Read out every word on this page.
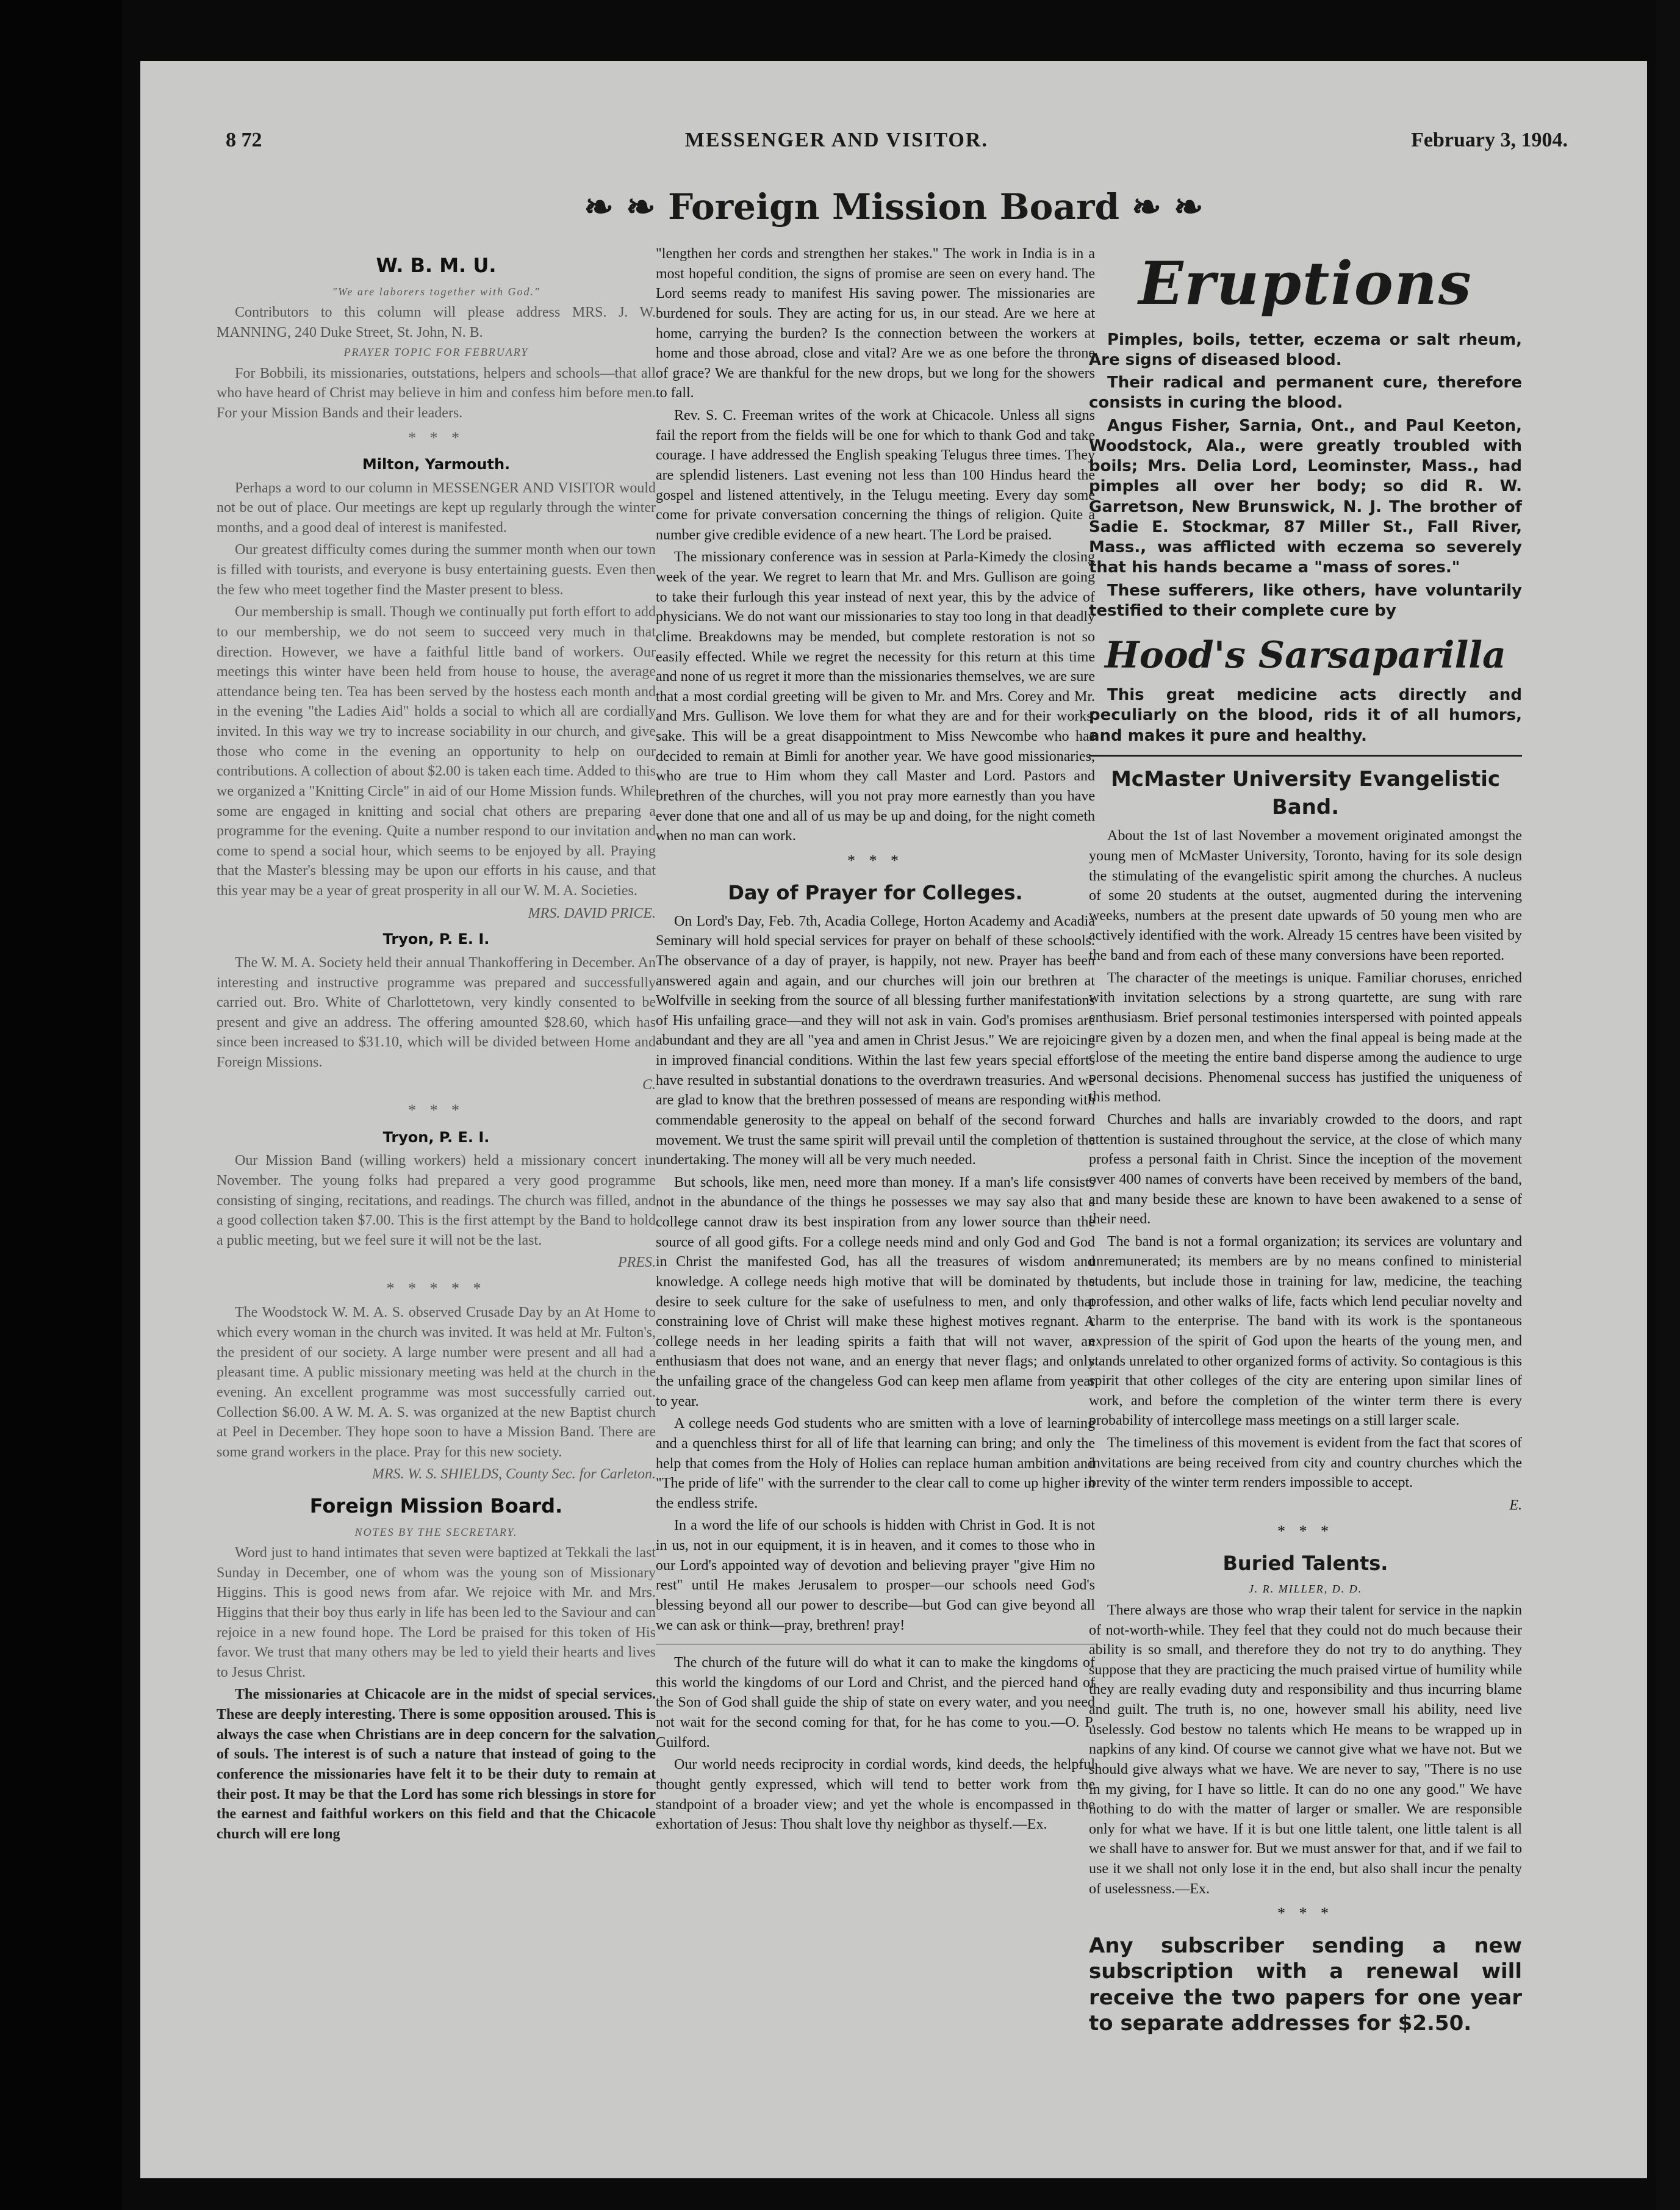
8 72	MESSENGER AND VISITOR.	February 3, 1904.
❧ ❧ Foreign Mission Board ❧ ❧
W. B. M. U.
"We are laborers together with God."

Contributors to this column will please address MRS. J. W. MANNING, 240 Duke Street, St. John, N. B.

PRAYER TOPIC FOR FEBRUARY

For Bobbili, its missionaries, outstations, helpers and schools—that all who have heard of Christ may believe in him and confess him before men. For your Mission Bands and their leaders.

* * *
Milton, Yarmouth.

Perhaps a word to our column in MESSENGER AND VISITOR would not be out of place. Our meetings are kept up regularly through the winter months, and a good deal of interest is manifested.

Our greatest difficulty comes during the summer month when our town is filled with tourists, and everyone is busy entertaining guests. Even then the few who meet together find the Master present to bless.

Our membership is small. Though we continually put forth effort to add to our membership, we do not seem to succeed very much in that direction. However, we have a faithful little band of workers. Our meetings this winter have been held from house to house, the average attendance being ten. Tea has been served by the hostess each month and in the evening "the Ladies Aid" holds a social to which all are cordially invited. In this way we try to increase sociability in our church, and give those who come in the evening an opportunity to help on our contributions. A collection of about $2.00 is taken each time. Added to this we organized a "Knitting Circle" in aid of our Home Mission funds. While some are engaged in knitting and social chat others are preparing a programme for the evening. Quite a number respond to our invitation and come to spend a social hour, which seems to be enjoyed by all. Praying that the Master's blessing may be upon our efforts in his cause, and that this year may be a year of great prosperity in all our W. M. A. Societies.

MRS. DAVID PRICE.
Tryon, P. E. I.

The W. M. A. Society held their annual Thankoffering in December. An interesting and instructive programme was prepared and successfully carried out. Bro. White of Charlottetown, very kindly consented to be present and give an address. The offering amounted $28.60, which has since been increased to $31.10, which will be divided between Home and Foreign Missions.

C.
* * *
Tryon, P. E. I.

Our Mission Band (willing workers) held a missionary concert in November. The young folks had prepared a very good programme consisting of singing, recitations, and readings. The church was filled, and a good collection taken $7.00. This is the first attempt by the Band to hold a public meeting, but we feel sure it will not be the last.

PRES.
* * * * *

The Woodstock W. M. A. S. observed Crusade Day by an At Home to which every woman in the church was invited. It was held at Mr. Fulton's, the president of our society. A large number were present and all had a pleasant time. A public missionary meeting was held at the church in the evening. An excellent programme was most successfully carried out. Collection $6.00. A W. M. A. S. was organized at the new Baptist church at Peel in December. They hope soon to have a Mission Band. There are some grand workers in the place. Pray for this new society.

MRS. W. S. SHIELDS, County Sec. for Carleton.
Foreign Mission Board.
NOTES BY THE SECRETARY.

Word just to hand intimates that seven were baptized at Tekkali the last Sunday in December, one of whom was the young son of Missionary Higgins. This is good news from afar. We rejoice with Mr. and Mrs. Higgins that their boy thus early in life has been led to the Saviour and can rejoice in a new found hope. The Lord be praised for this token of His favor. We trust that many others may be led to yield their hearts and lives to Jesus Christ.

The missionaries at Chicacole are in the midst of special services. These are deeply interesting. There is some opposition aroused. This is always the case when Christians are in deep concern for the salvation of souls. The interest is of such a nature that instead of going to the conference the missionaries have felt it to be their duty to remain at their post. It may be that the Lord has some rich blessings in store for the earnest and faithful workers on this field and that the Chicacole church will ere long

"lengthen her cords and strengthen her stakes." The work in India is in a most hopeful condition, the signs of promise are seen on every hand. The Lord seems ready to manifest His saving power. The missionaries are burdened for souls. They are acting for us, in our stead. Are we here at home, carrying the burden? Is the connection between the workers at home and those abroad, close and vital? Are we as one before the throne of grace? We are thankful for the new drops, but we long for the showers to fall.

Rev. S. C. Freeman writes of the work at Chicacole. Unless all signs fail the report from the fields will be one for which to thank God and take courage. I have addressed the English speaking Telugus three times. They are splendid listeners. Last evening not less than 100 Hindus heard the gospel and listened attentively, in the Telugu meeting. Every day some come for private conversation concerning the things of religion. Quite a number give credible evidence of a new heart. The Lord be praised.

The missionary conference was in session at Parla-Kimedy the closing week of the year. We regret to learn that Mr. and Mrs. Gullison are going to take their furlough this year instead of next year, this by the advice of physicians. We do not want our missionaries to stay too long in that deadly clime. Breakdowns may be mended, but complete restoration is not so easily effected. While we regret the necessity for this return at this time and none of us regret it more than the missionaries themselves, we are sure that a most cordial greeting will be given to Mr. and Mrs. Corey and Mr. and Mrs. Gullison. We love them for what they are and for their works' sake. This will be a great disappointment to Miss Newcombe who has decided to remain at Bimli for another year. We have good missionaries, who are true to Him whom they call Master and Lord. Pastors and brethren of the churches, will you not pray more earnestly than you have ever done that one and all of us may be up and doing, for the night cometh when no man can work.

* * *
Day of Prayer for Colleges.

On Lord's Day, Feb. 7th, Acadia College, Horton Academy and Acadia Seminary will hold special services for prayer on behalf of these schools. The observance of a day of prayer, is happily, not new. Prayer has been answered again and again, and our churches will join our brethren at Wolfville in seeking from the source of all blessing further manifestations of His unfailing grace—and they will not ask in vain. God's promises are abundant and they are all "yea and amen in Christ Jesus." We are rejoicing in improved financial conditions. Within the last few years special efforts have resulted in substantial donations to the overdrawn treasuries. And we are glad to know that the brethren possessed of means are responding with commendable generosity to the appeal on behalf of the second forward movement. We trust the same spirit will prevail until the completion of the undertaking. The money will all be very much needed.

But schools, like men, need more than money. If a man's life consists not in the abundance of the things he possesses we may say also that a college cannot draw its best inspiration from any lower source than the source of all good gifts. For a college needs mind and only God and God in Christ the manifested God, has all the treasures of wisdom and knowledge. A college needs high motive that will be dominated by the desire to seek culture for the sake of usefulness to men, and only that constraining love of Christ will make these highest motives regnant. A college needs in her leading spirits a faith that will not waver, an enthusiasm that does not wane, and an energy that never flags; and only the unfailing grace of the changeless God can keep men aflame from year to year.

A college needs God students who are smitten with a love of learning and a quenchless thirst for all of life that learning can bring; and only the help that comes from the Holy of Holies can replace human ambition and "The pride of life" with the surrender to the clear call to come up higher in the endless strife.

In a word the life of our schools is hidden with Christ in God. It is not in us, not in our equipment, it is in heaven, and it comes to those who in our Lord's appointed way of devotion and believing prayer "give Him no rest" until He makes Jerusalem to prosper—our schools need God's blessing beyond all our power to describe—but God can give beyond all we can ask or think—pray, brethren! pray!

The church of the future will do what it can to make the kingdoms of this world the kingdoms of our Lord and Christ, and the pierced hand of the Son of God shall guide the ship of state on every water, and you need not wait for the second coming for that, for he has come to you.—O. P. Guilford.

Our world needs reciprocity in cordial words, kind deeds, the helpful thought gently expressed, which will tend to better work from the standpoint of a broader view; and yet the whole is encompassed in the exhortation of Jesus: Thou shalt love thy neighbor as thyself.—Ex.

Eruptions

Pimples, boils, tetter, eczema or salt rheum, Are signs of diseased blood.

Their radical and permanent cure, therefore consists in curing the blood.

Angus Fisher, Sarnia, Ont., and Paul Keeton, Woodstock, Ala., were greatly troubled with boils; Mrs. Delia Lord, Leominster, Mass., had pimples all over her body; so did R. W. Garretson, New Brunswick, N. J. The brother of Sadie E. Stockmar, 87 Miller St., Fall River, Mass., was afflicted with eczema so severely that his hands became a "mass of sores."

These sufferers, like others, have voluntarily testified to their complete cure by

Hood's Sarsaparilla

This great medicine acts directly and peculiarly on the blood, rids it of all humors, and makes it pure and healthy.

McMaster University Evangelistic Band.

About the 1st of last November a movement originated amongst the young men of McMaster University, Toronto, having for its sole design the stimulating of the evangelistic spirit among the churches. A nucleus of some 20 students at the outset, augmented during the intervening weeks, numbers at the present date upwards of 50 young men who are actively identified with the work. Already 15 centres have been visited by the band and from each of these many conversions have been reported.

The character of the meetings is unique. Familiar choruses, enriched with invitation selections by a strong quartette, are sung with rare enthusiasm. Brief personal testimonies interspersed with pointed appeals are given by a dozen men, and when the final appeal is being made at the close of the meeting the entire band disperse among the audience to urge personal decisions. Phenomenal success has justified the uniqueness of this method.

Churches and halls are invariably crowded to the doors, and rapt attention is sustained throughout the service, at the close of which many profess a personal faith in Christ. Since the inception of the movement over 400 names of converts have been received by members of the band, and many beside these are known to have been awakened to a sense of their need.

The band is not a formal organization; its services are voluntary and unremunerated; its members are by no means confined to ministerial students, but include those in training for law, medicine, the teaching profession, and other walks of life, facts which lend peculiar novelty and charm to the enterprise. The band with its work is the spontaneous expression of the spirit of God upon the hearts of the young men, and stands unrelated to other organized forms of activity. So contagious is this spirit that other colleges of the city are entering upon similar lines of work, and before the completion of the winter term there is every probability of intercollege mass meetings on a still larger scale.

The timeliness of this movement is evident from the fact that scores of invitations are being received from city and country churches which the brevity of the winter term renders impossible to accept.

E.
* * *
Buried Talents.
J. R. MILLER, D. D.

There always are those who wrap their talent for service in the napkin of not-worth-while. They feel that they could not do much because their ability is so small, and therefore they do not try to do anything. They suppose that they are practicing the much praised virtue of humility while they are really evading duty and responsibility and thus incurring blame and guilt. The truth is, no one, however small his ability, need live uselessly. God bestow no talents which He means to be wrapped up in napkins of any kind. Of course we cannot give what we have not. But we should give always what we have. We are never to say, "There is no use in my giving, for I have so little. It can do no one any good." We have nothing to do with the matter of larger or smaller. We are responsible only for what we have. If it is but one little talent, one little talent is all we shall have to answer for. But we must answer for that, and if we fail to use it we shall not only lose it in the end, but also shall incur the penalty of uselessness.—Ex.

* * *
Any subscriber sending a new subscription with a renewal will receive the two papers for one year to separate addresses for $2.50.
